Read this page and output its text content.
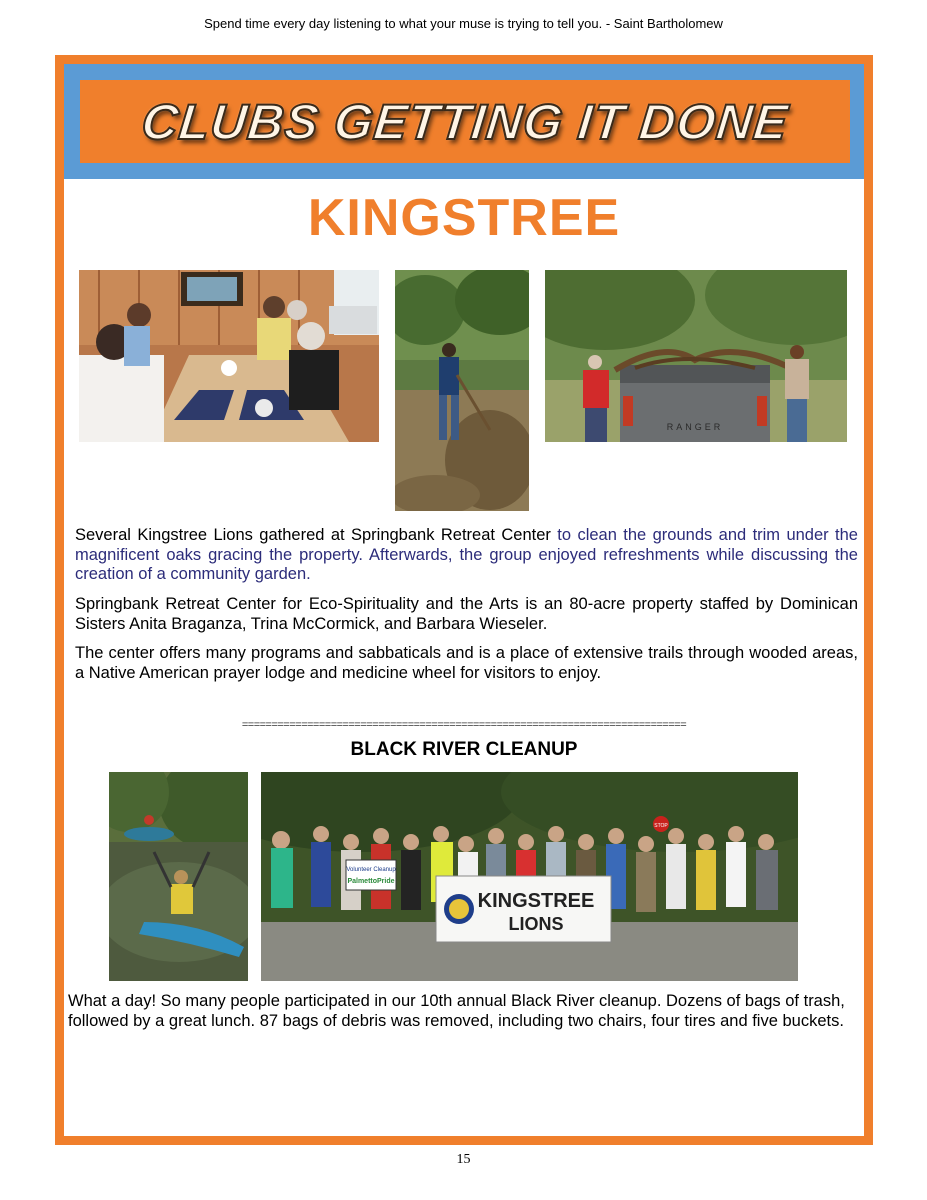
Spend time every day listening to what your muse is trying to tell you. - Saint Bartholomew
CLUBS GETTING IT DONE
KINGSTREE
RANGER

Several Kingstree Lions gathered at Springbank Retreat Center to clean the grounds and trim under the magnificent oaks gracing the property. Afterwards, the group enjoyed refreshments while discussing the creation of a community garden.

Springbank Retreat Center for Eco-Spirituality and the Arts is an 80-acre property staffed by Dominican Sisters Anita Braganza, Trina McCormick, and Barbara Wieseler.

The center offers many programs and sabbaticals and is a place of extensive trails through wooded areas, a Native American prayer lodge and medicine wheel for visitors to enjoy.

===========================================================================
BLACK RIVER CLEANUP
STOP
Volunteer Cleanup
PalmettoPride
KINGSTREE
LIONS

What a day! So many people participated in our 10th annual Black River cleanup. Dozens of bags of trash, followed by a great lunch. 87 bags of debris was removed, including two chairs, four tires and five buckets.

15
